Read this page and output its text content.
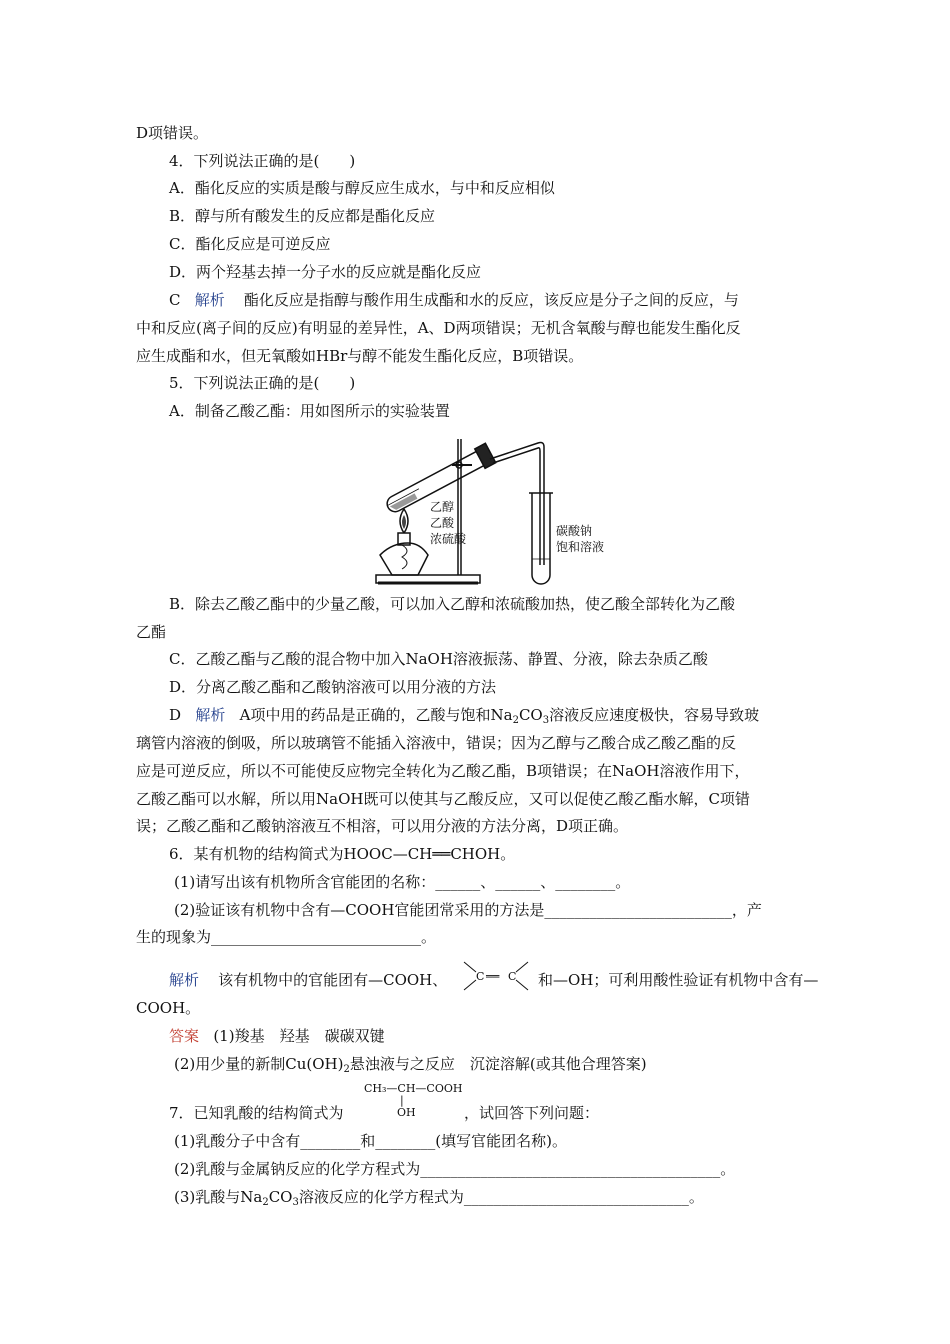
D项错误。
4．下列说法正确的是(　　)
A．酯化反应的实质是酸与醇反应生成水，与中和反应相似
B．醇与所有酸发生的反应都是酯化反应
C．酯化反应是可逆反应
D．两个羟基去掉一分子水的反应就是酯化反应
C 解析 酯化反应是指醇与酸作用生成酯和水的反应，该反应是分子之间的反应，与
中和反应(离子间的反应)有明显的差异性，A、D两项错误；无机含氧酸与醇也能发生酯化反
应生成酯和水，但无氧酸如HBr与醇不能发生酯化反应，B项错误。
5．下列说法正确的是(　　)
A．制备乙酸乙酯：用如图所示的实验装置
乙醇
乙酸
浓硫酸
碳酸钠
饱和溶液
B．除去乙酸乙酯中的少量乙酸，可以加入乙醇和浓硫酸加热，使乙酸全部转化为乙酸
乙酯
C．乙酸乙酯与乙酸的混合物中加入NaOH溶液振荡、静置、分液，除去杂质乙酸
D．分离乙酸乙酯和乙酸钠溶液可以用分液的方法
D 解析 A项中用的药品是正确的，乙酸与饱和$Na_2CO_3$溶液反应速度极快，容易导致玻
璃管内溶液的倒吸，所以玻璃管不能插入溶液中，错误；因为乙醇与乙酸合成乙酸乙酯的反
应是可逆反应，所以不可能使反应物完全转化为乙酸乙酯，B项错误；在NaOH溶液作用下，
乙酸乙酯可以水解，所以用NaOH既可以使其与乙酸反应，又可以促使乙酸乙酯水解，C项错
误；乙酸乙酯和乙酸钠溶液互不相溶，可以用分液的方法分离，D项正确。
6．某有机物的结构简式为HOOC—CH══CHOH。
(1)请写出该有机物所含官能团的名称：______、______、________。
(2)验证该有机物中含有—COOH官能团常采用的方法是_________________________，产
生的现象为____________________________。
解析 该有机物中的官能团有—COOH、	C ══ C 和—OH；可利用酸性验证有机物中含有—
COOH。
答案 (1)羧基　羟基　碳碳双键
(2)用少量的新制$Cu(OH)_2$悬浊液与之反应　沉淀溶解(或其他合理答案)
CH₃—CH—COOH
|
OH
7．已知乳酸的结构简式为	，试回答下列问题：
(1)乳酸分子中含有________和________(填写官能团名称)。
(2)乳酸与金属钠反应的化学方程式为________________________________________。
(3)乳酸与$Na_2CO_3$溶液反应的化学方程式为______________________________。
